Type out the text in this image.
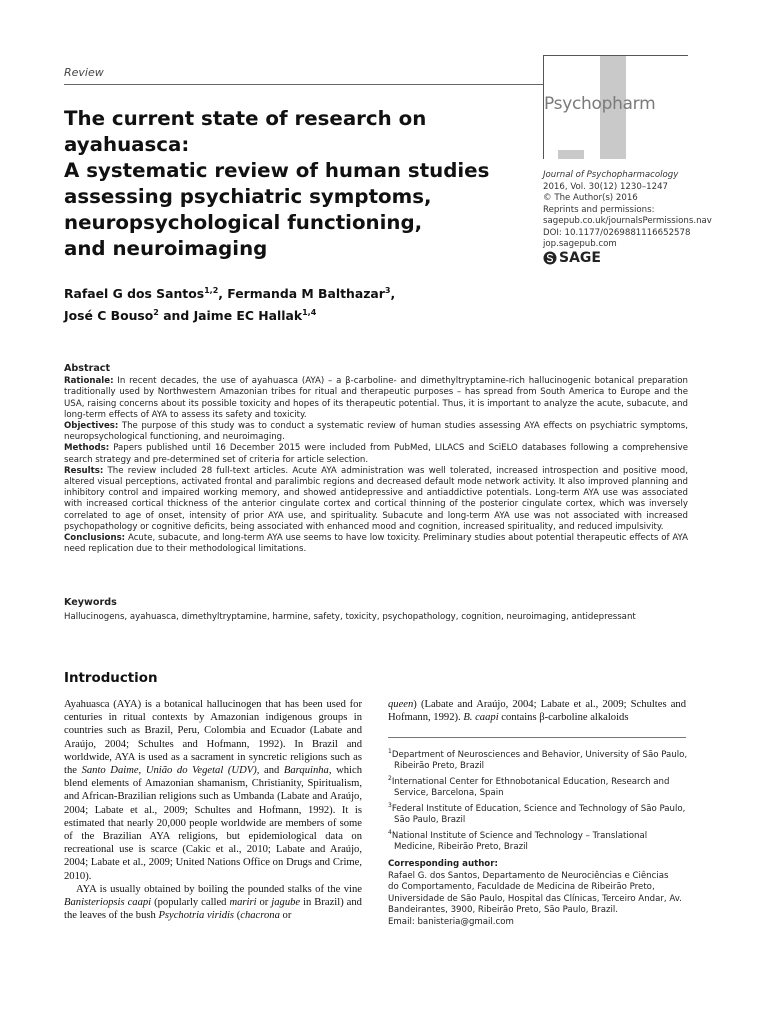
Review
Psychopharm
Journal of Psychopharmacology
2016, Vol. 30(12) 1230–1247
© The Author(s) 2016
Reprints and permissions:
sagepub.co.uk/journalsPermissions.nav
DOI: 10.1177/0269881116652578
jop.sagepub.com
SAGE
The current state of research on ayahuasca:
A systematic review of human studies
assessing psychiatric symptoms,
neuropsychological functioning,
and neuroimaging
Rafael G dos Santos$^{1,2}$, Fermanda M Balthazar$^3$,
José C Bouso$^2$ and Jaime EC Hallak$^{1,4}$
Abstract

Rationale: In recent decades, the use of ayahuasca (AYA) – a β-carboline- and dimethyltryptamine-rich hallucinogenic botanical preparation traditionally used by Northwestern Amazonian tribes for ritual and therapeutic purposes – has spread from South America to Europe and the USA, raising concerns about its possible toxicity and hopes of its therapeutic potential. Thus, it is important to analyze the acute, subacute, and long-term effects of AYA to assess its safety and toxicity.

Objectives: The purpose of this study was to conduct a systematic review of human studies assessing AYA effects on psychiatric symptoms, neuropsychological functioning, and neuroimaging.

Methods: Papers published until 16 December 2015 were included from PubMed, LILACS and SciELO databases following a comprehensive search strategy and pre-determined set of criteria for article selection.

Results: The review included 28 full-text articles. Acute AYA administration was well tolerated, increased introspection and positive mood, altered visual perceptions, activated frontal and paralimbic regions and decreased default mode network activity. It also improved planning and inhibitory control and impaired working memory, and showed antidepressive and antiaddictive potentials. Long-term AYA use was associated with increased cortical thickness of the anterior cingulate cortex and cortical thinning of the posterior cingulate cortex, which was inversely correlated to age of onset, intensity of prior AYA use, and spirituality. Subacute and long-term AYA use was not associated with increased psychopathology or cognitive deficits, being associated with enhanced mood and cognition, increased spirituality, and reduced impulsivity.

Conclusions: Acute, subacute, and long-term AYA use seems to have low toxicity. Preliminary studies about potential therapeutic effects of AYA need replication due to their methodological limitations.

Keywords
Hallucinogens, ayahuasca, dimethyltryptamine, harmine, safety, toxicity, psychopathology, cognition, neuroimaging, antidepressant
Introduction

Ayahuasca (AYA) is a botanical hallucinogen that has been used for centuries in ritual contexts by Amazonian indigenous groups in countries such as Brazil, Peru, Colombia and Ecuador (Labate and Araújo, 2004; Schultes and Hofmann, 1992). In Brazil and worldwide, AYA is used as a sacrament in syncretic religions such as the Santo Daime, União do Vegetal (UDV), and Barquinha, which blend elements of Amazonian shamanism, Christianity, Spiritualism, and African-Brazilian religions such as Umbanda (Labate and Araújo, 2004; Labate et al., 2009; Schultes and Hofmann, 1992). It is estimated that nearly 20,000 people worldwide are members of some of the Brazilian AYA religions, but epidemiological data on recreational use is scarce (Cakic et al., 2010; Labate and Araújo, 2004; Labate et al., 2009; United Nations Office on Drugs and Crime, 2010).

AYA is usually obtained by boiling the pounded stalks of the vine Banisteriopsis caapi (popularly called mariri or jagube in Brazil) and the leaves of the bush Psychotria viridis (chacrona or

queen) (Labate and Araújo, 2004; Labate et al., 2009; Schultes and Hofmann, 1992). B. caapi contains β-carboline alkaloids

$^1$Department of Neurosciences and Behavior, University of São Paulo,
Ribeirão Preto, Brazil
$^2$International Center for Ethnobotanical Education, Research and
Service, Barcelona, Spain
$^3$Federal Institute of Education, Science and Technology of São Paulo,
São Paulo, Brazil
$^4$National Institute of Science and Technology – Translational
Medicine, Ribeirão Preto, Brazil
Corresponding author:
Rafael G. dos Santos, Departamento de Neurociências e Ciências
do Comportamento, Faculdade de Medicina de Ribeirão Preto,
Universidade de São Paulo, Hospital das Clínicas, Terceiro Andar, Av.
Bandeirantes, 3900, Ribeirão Preto, São Paulo, Brazil.
Email: banisteria@gmail.com
